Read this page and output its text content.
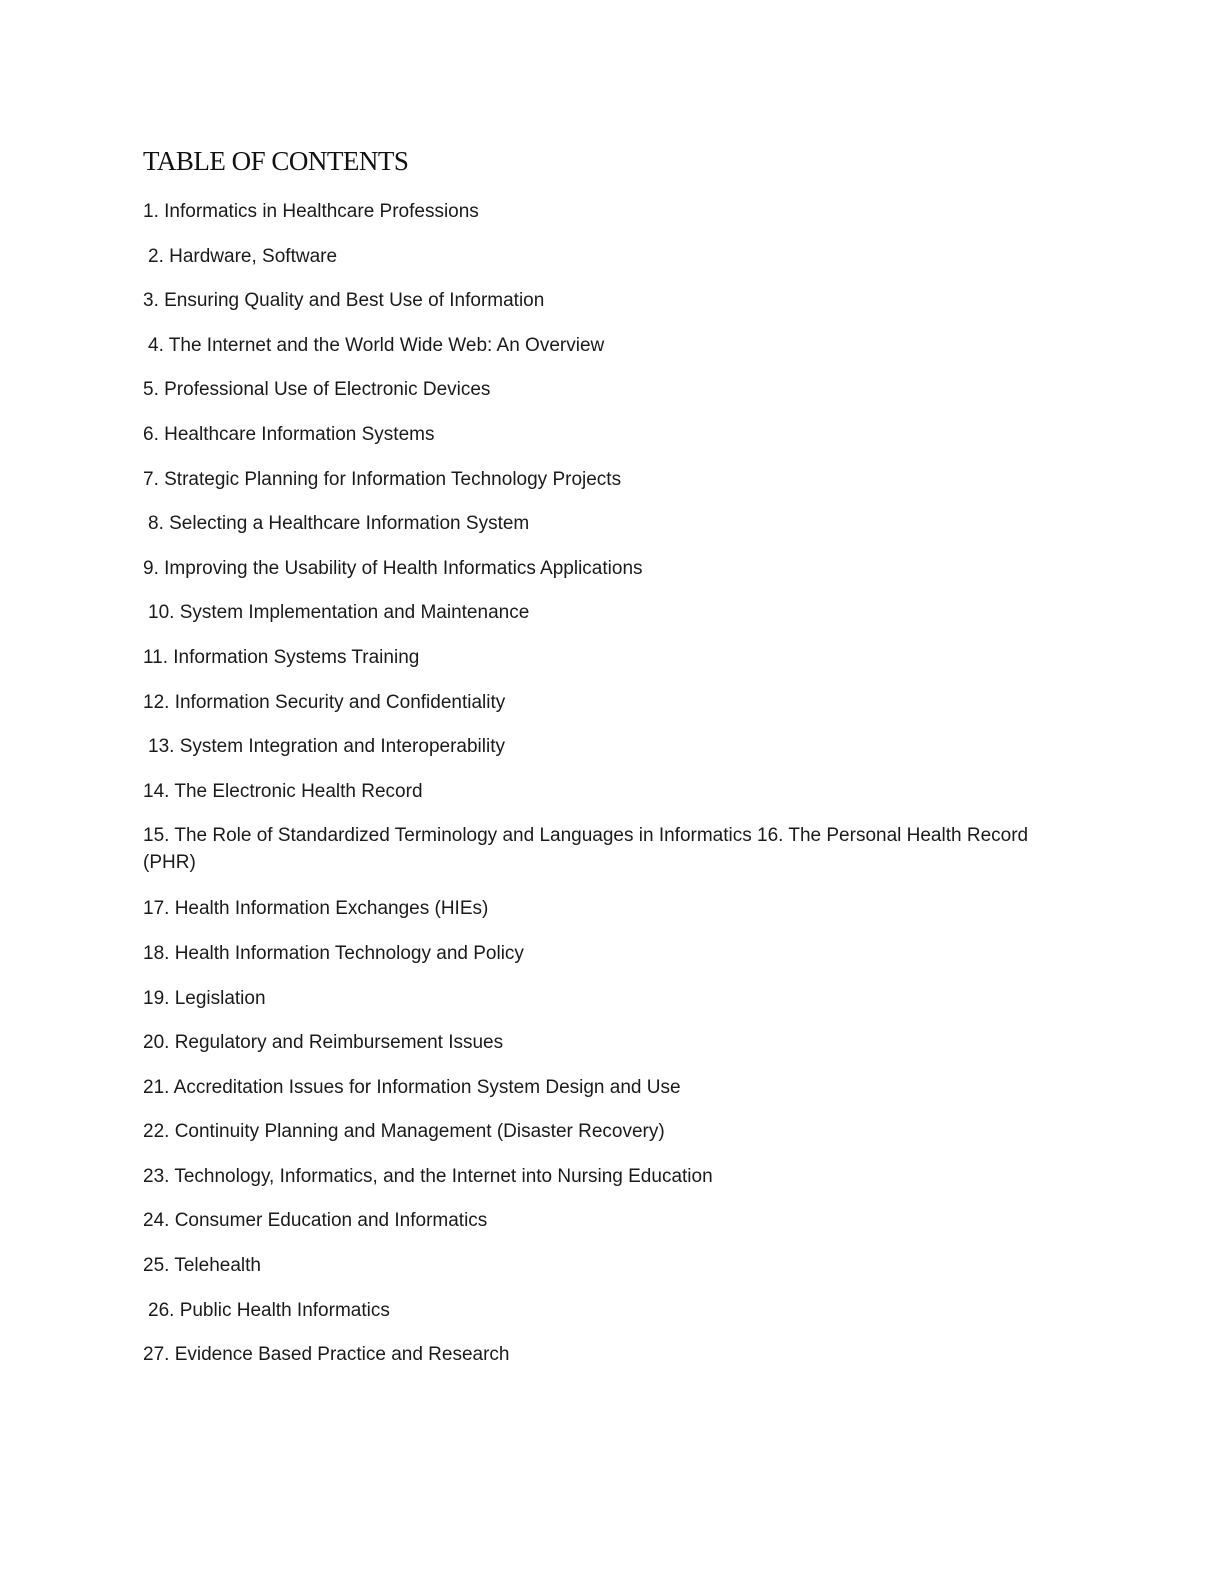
TABLE OF CONTENTS
1. Informatics in Healthcare Professions
2. Hardware, Software
3. Ensuring Quality and Best Use of Information
4. The Internet and the World Wide Web: An Overview
5. Professional Use of Electronic Devices
6. Healthcare Information Systems
7. Strategic Planning for Information Technology Projects
8. Selecting a Healthcare Information System
9. Improving the Usability of Health Informatics Applications
10. System Implementation and Maintenance
11. Information Systems Training
12. Information Security and Confidentiality
13. System Integration and Interoperability
14. The Electronic Health Record
15. The Role of Standardized Terminology and Languages in Informatics 16. The Personal Health Record (PHR)
17. Health Information Exchanges (HIEs)
18. Health Information Technology and Policy
19. Legislation
20. Regulatory and Reimbursement Issues
21. Accreditation Issues for Information System Design and Use
22. Continuity Planning and Management (Disaster Recovery)
23. Technology, Informatics, and the Internet into Nursing Education
24. Consumer Education and Informatics
25. Telehealth
26. Public Health Informatics
27. Evidence Based Practice and Research
